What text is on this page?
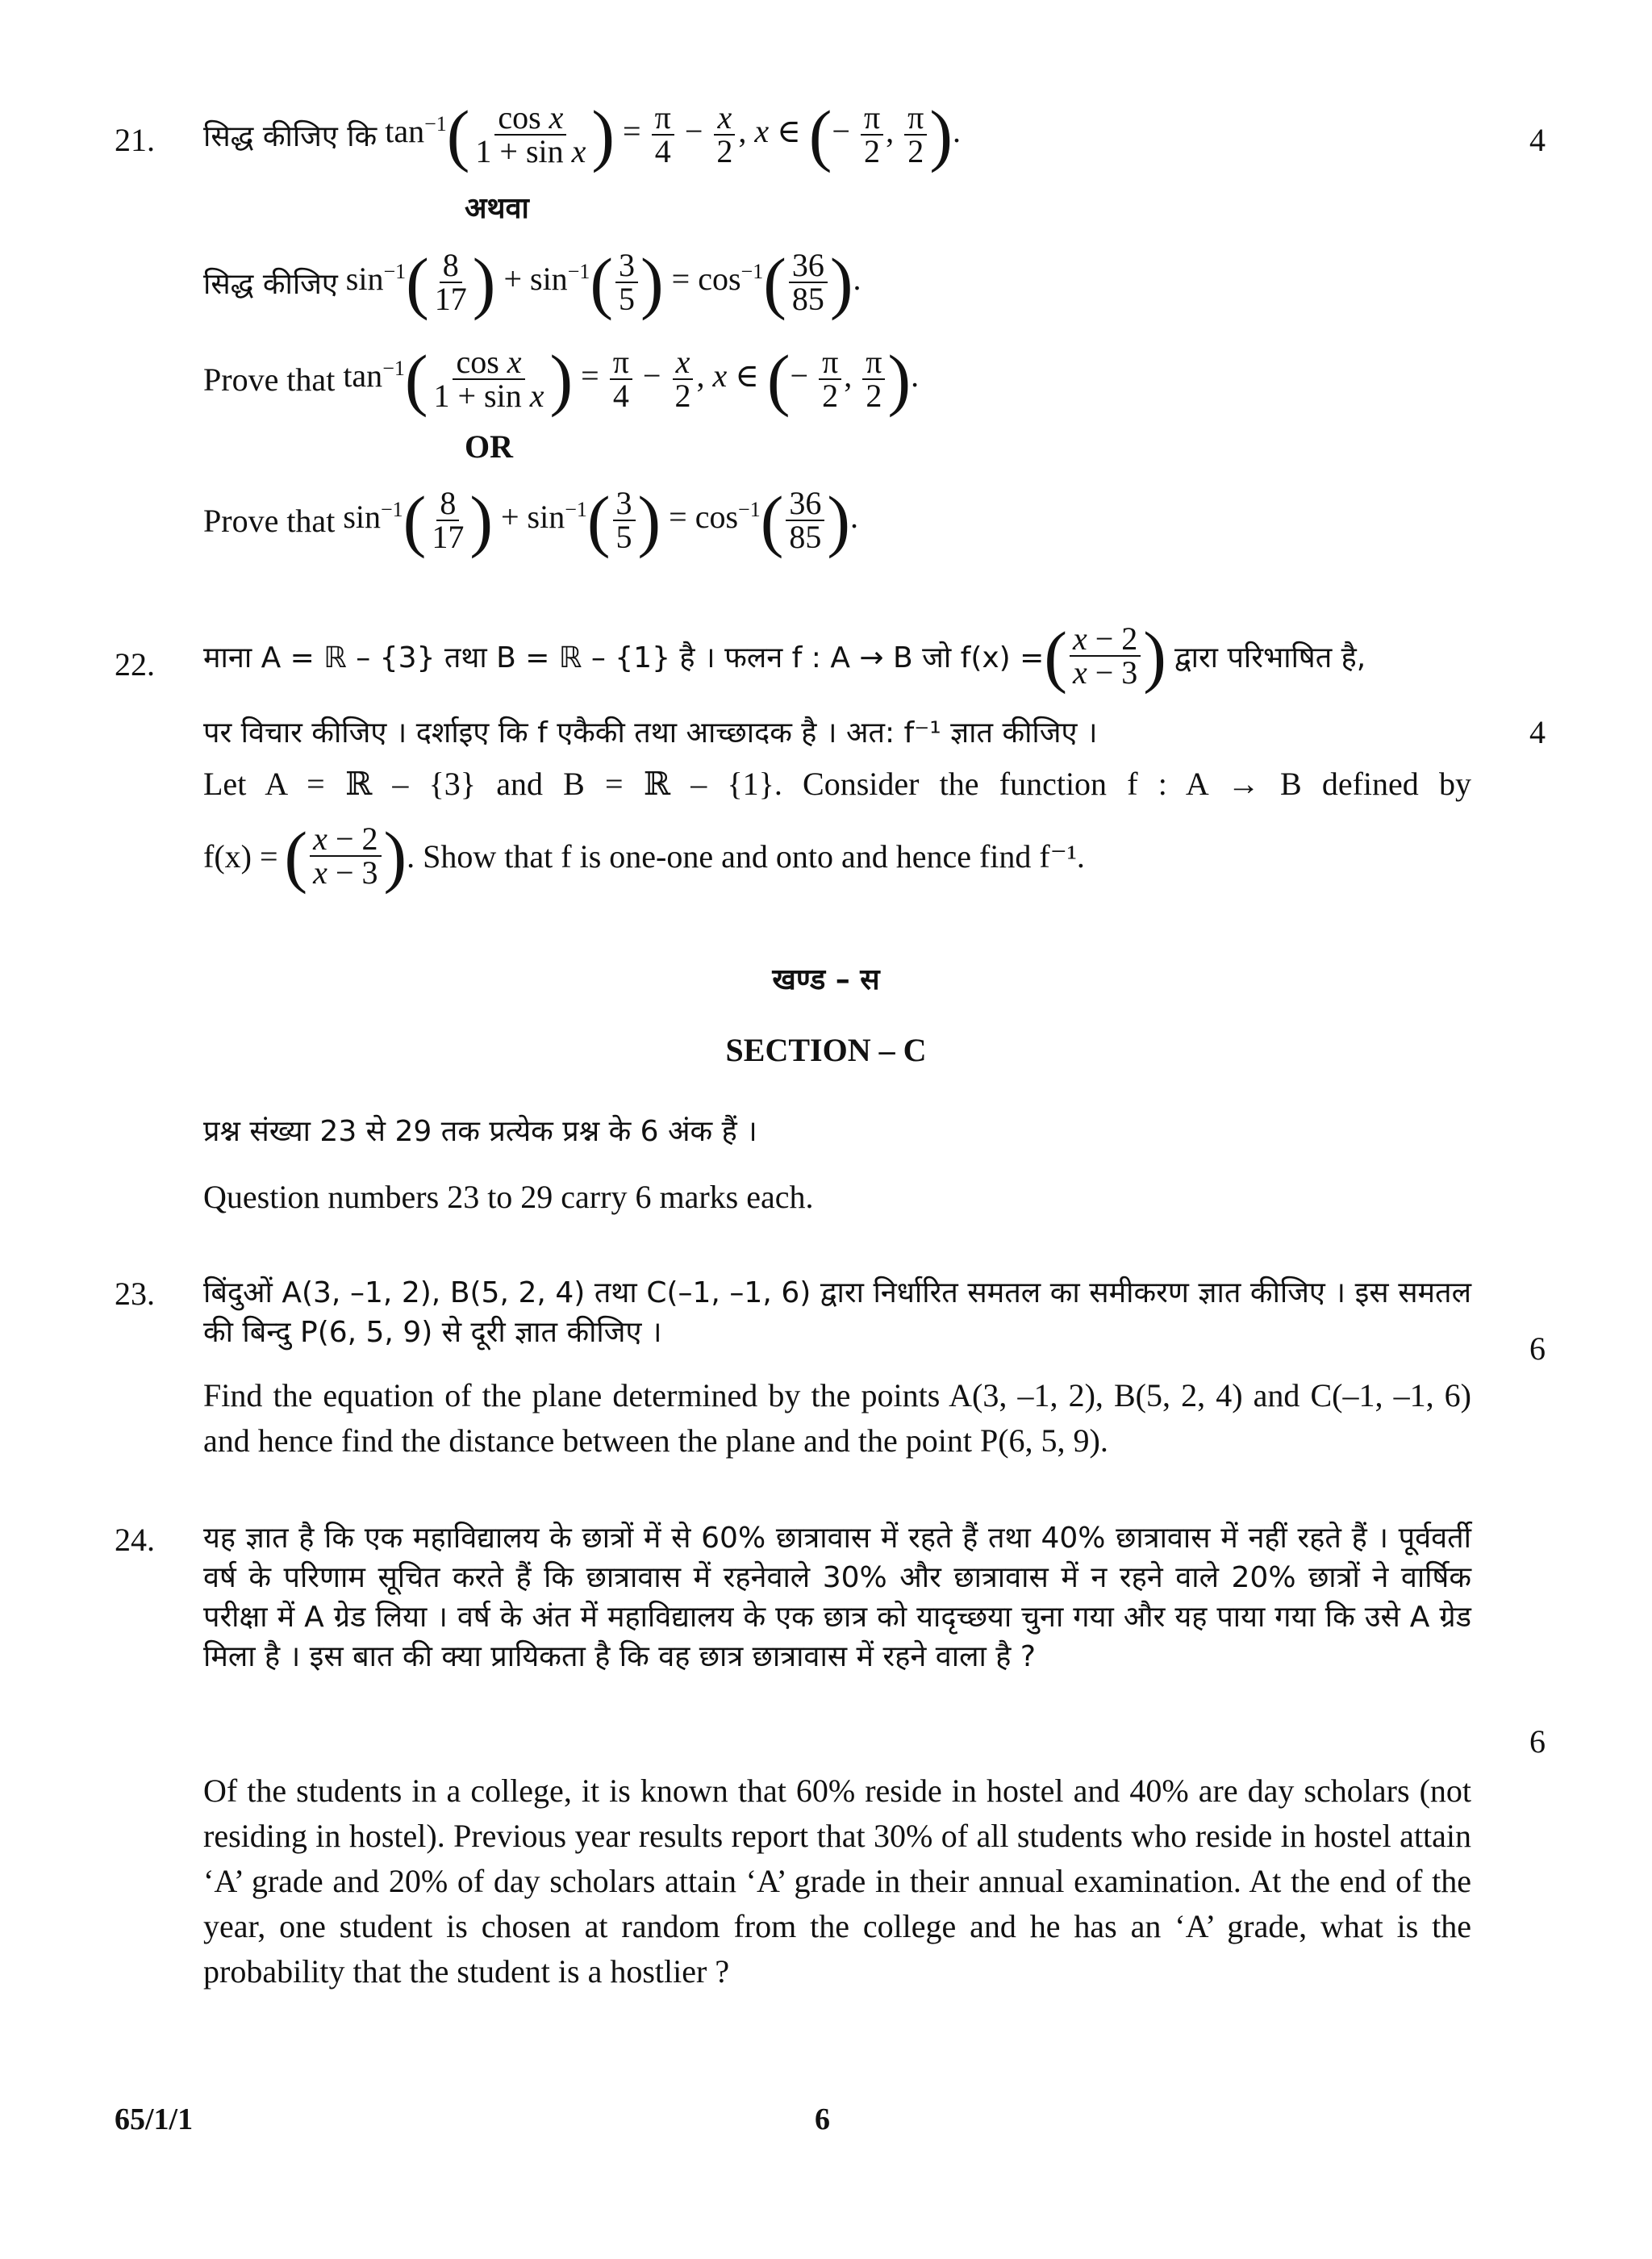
21.	4
सिद्ध कीजिए कि $\tan^{-1}( \frac{\text{cos x}}{\text{1 + sin x}}$ ) = $\frac{\pi}{4} - \frac{x}{2}$ , x ∈ (− $\frac{\pi}{2}$ , $\frac{\pi}{2}$ ).
अथवा
सिद्ध कीजिए $\sin^{-1}( \frac{8}{17}$ ) + $\sin^{-1}( \frac{3}{5}$ ) = $\cos^{-1}( \frac{36}{85}$ ).
Prove that $\tan^{-1}( \frac{\text{cos x}}{\text{1 + sin x}}$ ) = $\frac{\pi}{4} - \frac{x}{2}$ , x ∈ (− $\frac{\pi}{2}$ , $\frac{\pi}{2}$ ).
OR
Prove that $\sin^{-1}( \frac{8}{17}$ ) + $\sin^{-1}( \frac{3}{5}$ ) = $\cos^{-1}( \frac{36}{85}$ ).
22.
4
माना A = ℝ – {3} तथा B = ℝ – {1} है । फलन f : A → B जो f(x) = ( $\frac{x - 2}{x - 3}$ ) द्वारा परिभाषित है,
पर विचार कीजिए । दर्शाइए कि f एकैकी तथा आच्छादक है । अत: f⁻¹ ज्ञात कीजिए ।
Let A = ℝ – {3} and B = ℝ – {1}. Consider the function f : A → B defined by
f(x) = ( $\frac{x - 2}{x - 3}$ ) . Show that f is one-one and onto and hence find f⁻¹.
खण्ड – स
SECTION – C
प्रश्न संख्या 23 से 29 तक प्रत्येक प्रश्न के 6 अंक हैं ।
Question numbers 23 to 29 carry 6 marks each.
23.
6
बिंदुओं A(3, –1, 2), B(5, 2, 4) तथा C(–1, –1, 6) द्वारा निर्धारित समतल का समीकरण ज्ञात कीजिए । इस समतल की बिन्दु P(6, 5, 9) से दूरी ज्ञात कीजिए ।
Find the equation of the plane determined by the points A(3, –1, 2), B(5, 2, 4) and C(–1, –1, 6) and hence find the distance between the plane and the point P(6, 5, 9).
24.
6
यह ज्ञात है कि एक महाविद्यालय के छात्रों में से 60% छात्रावास में रहते हैं तथा 40% छात्रावास में नहीं रहते हैं । पूर्ववर्ती वर्ष के परिणाम सूचित करते हैं कि छात्रावास में रहनेवाले 30% और छात्रावास में न रहने वाले 20% छात्रों ने वार्षिक परीक्षा में A ग्रेड लिया । वर्ष के अंत में महाविद्यालय के एक छात्र को यादृच्छया चुना गया और यह पाया गया कि उसे A ग्रेड मिला है । इस बात की क्या प्रायिकता है कि वह छात्र छात्रावास में रहने वाला है ?
Of the students in a college, it is known that 60% reside in hostel and 40% are day scholars (not residing in hostel). Previous year results report that 30% of all students who reside in hostel attain ‘A’ grade and 20% of day scholars attain ‘A’ grade in their annual examination. At the end of the year, one student is chosen at random from the college and he has an ‘A’ grade, what is the probability that the student is a hostlier ?
65/1/1	6
